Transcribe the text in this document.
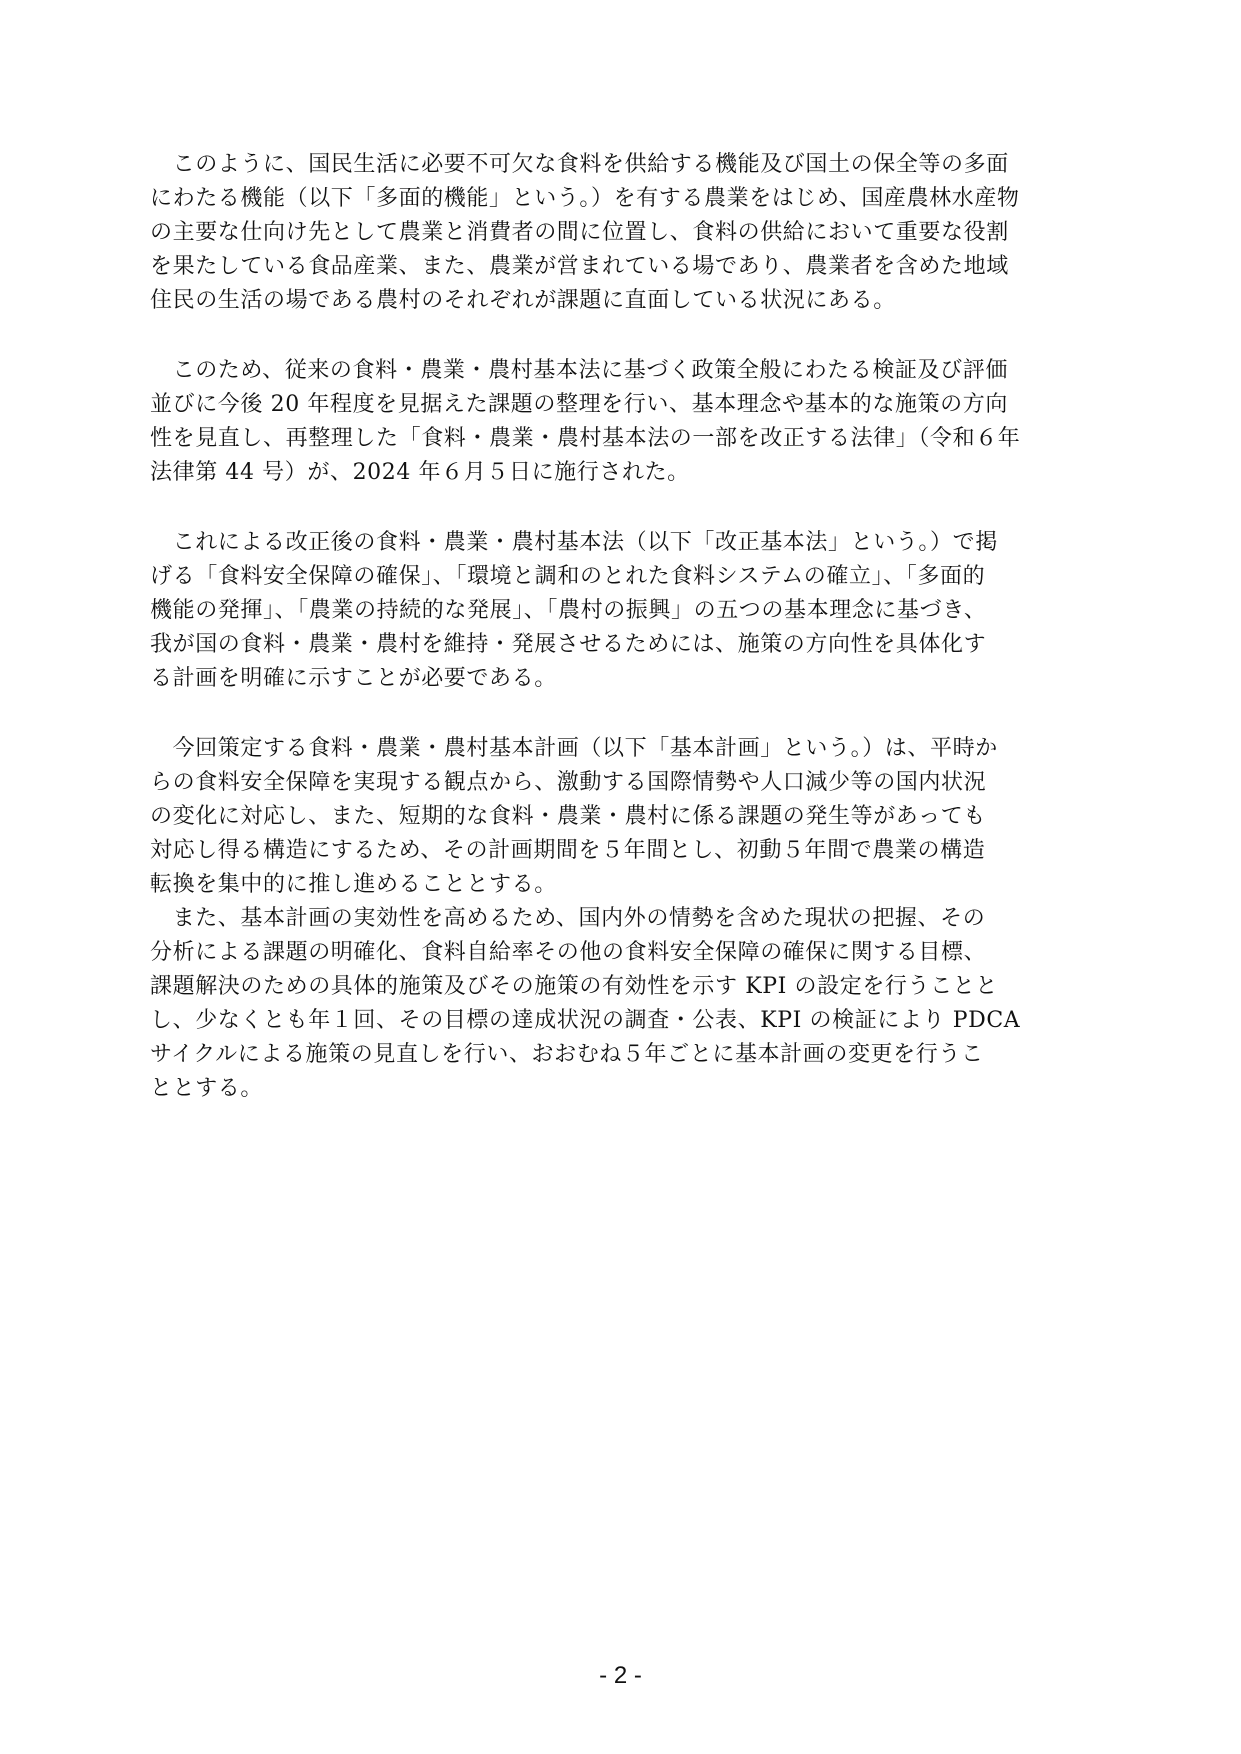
　このように、国民生活に必要不可欠な食料を供給する機能及び国土の保全等の多面
にわたる機能（以下「多面的機能」という。）を有する農業をはじめ、国産農林水産物
の主要な仕向け先として農業と消費者の間に位置し、食料の供給において重要な役割
を果たしている食品産業、また、農業が営まれている場であり、農業者を含めた地域
住民の生活の場である農村のそれぞれが課題に直面している状況にある。
　このため、従来の食料・農業・農村基本法に基づく政策全般にわたる検証及び評価
並びに今後 20 年程度を見据えた課題の整理を行い、基本理念や基本的な施策の方向
性を見直し、再整理した「食料・農業・農村基本法の一部を改正する法律」（令和６年
法律第 44 号）が、2024 年６月５日に施行された。
　これによる改正後の食料・農業・農村基本法（以下「改正基本法」という。）で掲
げる「食料安全保障の確保」、「環境と調和のとれた食料システムの確立」、「多面的
機能の発揮」、「農業の持続的な発展」、「農村の振興」の五つの基本理念に基づき、
我が国の食料・農業・農村を維持・発展させるためには、施策の方向性を具体化す
る計画を明確に示すことが必要である。
　今回策定する食料・農業・農村基本計画（以下「基本計画」という。）は、平時か
らの食料安全保障を実現する観点から、激動する国際情勢や人口減少等の国内状況
の変化に対応し、また、短期的な食料・農業・農村に係る課題の発生等があっても
対応し得る構造にするため、その計画期間を５年間とし、初動５年間で農業の構造
転換を集中的に推し進めることとする。
　また、基本計画の実効性を高めるため、国内外の情勢を含めた現状の把握、その
分析による課題の明確化、食料自給率その他の食料安全保障の確保に関する目標、
課題解決のための具体的施策及びその施策の有効性を示す KPI の設定を行うことと
し、少なくとも年１回、その目標の達成状況の調査・公表、KPI の検証により PDCA
サイクルによる施策の見直しを行い、おおむね５年ごとに基本計画の変更を行うこ
ととする。
- 2 -
